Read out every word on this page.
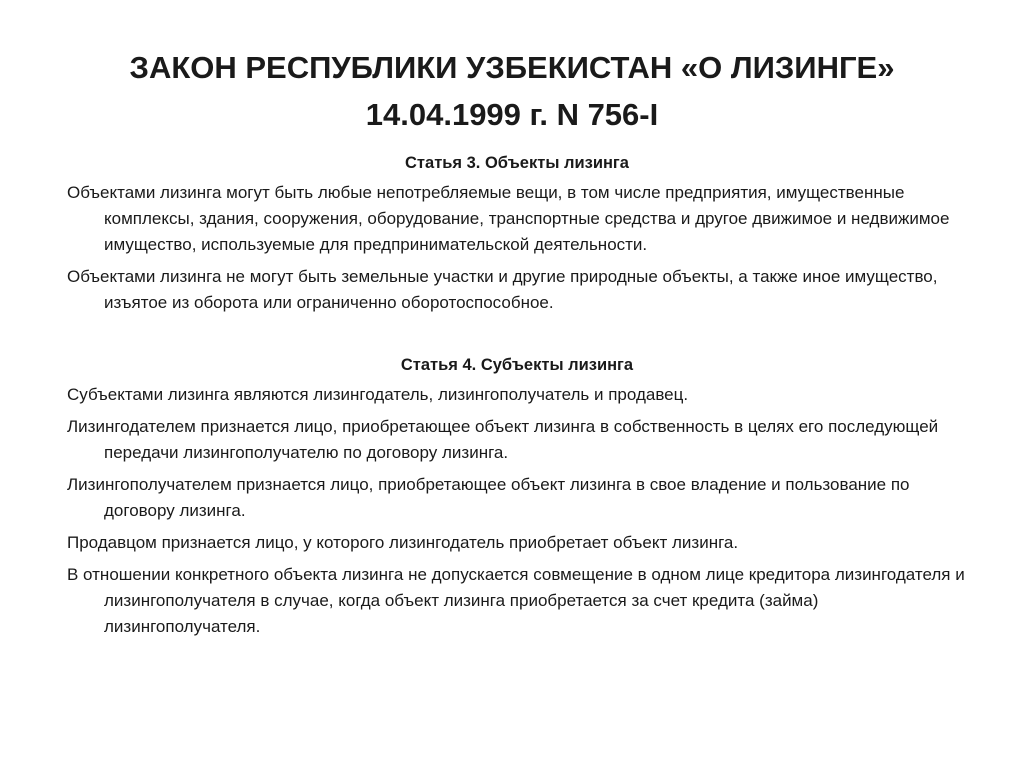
ЗАКОН РЕСПУБЛИКИ УЗБЕКИСТАН «О ЛИЗИНГЕ»
14.04.1999 г. N 756-I
Статья 3. Объекты лизинга

Объектами лизинга могут быть любые непотребляемые вещи, в том числе предприятия, имущественные комплексы, здания, сооружения, оборудование, транспортные средства и другое движимое и недвижимое имущество, используемые для предпринимательской деятельности.

Объектами лизинга не могут быть земельные участки и другие природные объекты, а также иное имущество, изъятое из оборота или ограниченно оборотоспособное.

Статья 4. Субъекты лизинга

Субъектами лизинга являются лизингодатель, лизингополучатель и продавец.

Лизингодателем признается лицо, приобретающее объект лизинга в собственность в целях его последующей передачи лизингополучателю по договору лизинга.

Лизингополучателем признается лицо, приобретающее объект лизинга в свое владение и пользование по договору лизинга.

Продавцом признается лицо, у которого лизингодатель приобретает объект лизинга.

В отношении конкретного объекта лизинга не допускается совмещение в одном лице кредитора лизингодателя и лизингополучателя в случае, когда объект лизинга приобретается за счет кредита (займа) лизингополучателя.
